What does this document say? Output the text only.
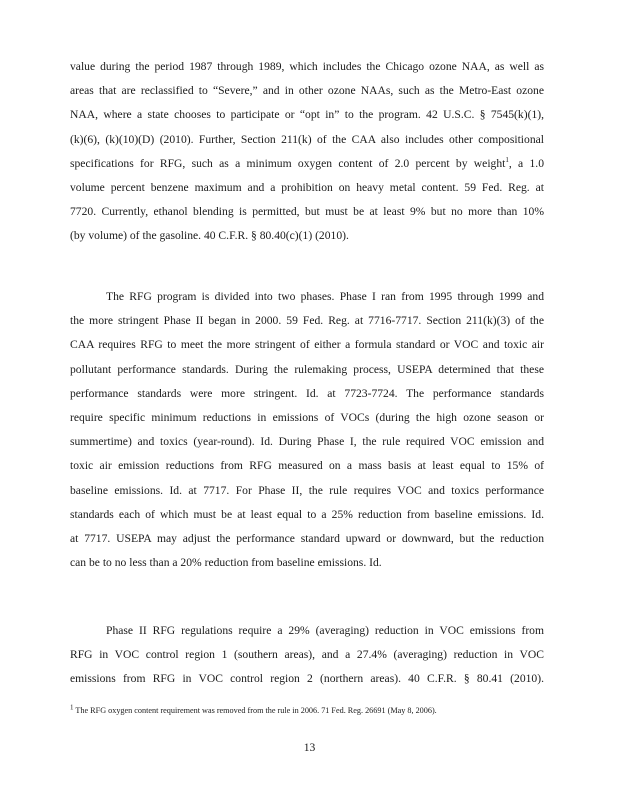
value during the period 1987 through 1989, which includes the Chicago ozone NAA, as well as
areas that are reclassified to “Severe,” and in other ozone NAAs, such as the Metro-East ozone
NAA, where a state chooses to participate or “opt in” to the program. 42 U.S.C. § 7545(k)(1),
(k)(6), (k)(10)(D) (2010). Further, Section 211(k) of the CAA also includes other compositional
specifications for RFG, such as a minimum oxygen content of 2.0 percent by weight$^1$, a 1.0
volume percent benzene maximum and a prohibition on heavy metal content. 59 Fed. Reg. at
7720. Currently, ethanol blending is permitted, but must be at least 9% but no more than 10%
(by volume) of the gasoline. 40 C.F.R. § 80.40(c)(1) (2010).
The RFG program is divided into two phases. Phase I ran from 1995 through 1999 and
the more stringent Phase II began in 2000. 59 Fed. Reg. at 7716-7717. Section 211(k)(3) of the
CAA requires RFG to meet the more stringent of either a formula standard or VOC and toxic air
pollutant performance standards. During the rulemaking process, USEPA determined that these
performance standards were more stringent. Id. at 7723-7724. The performance standards
require specific minimum reductions in emissions of VOCs (during the high ozone season or
summertime) and toxics (year-round). Id. During Phase I, the rule required VOC emission and
toxic air emission reductions from RFG measured on a mass basis at least equal to 15% of
baseline emissions. Id. at 7717. For Phase II, the rule requires VOC and toxics performance
standards each of which must be at least equal to a 25% reduction from baseline emissions. Id.
at 7717. USEPA may adjust the performance standard upward or downward, but the reduction
can be to no less than a 20% reduction from baseline emissions. Id.
Phase II RFG regulations require a 29% (averaging) reduction in VOC emissions from
RFG in VOC control region 1 (southern areas), and a 27.4% (averaging) reduction in VOC
emissions from RFG in VOC control region 2 (northern areas). 40 C.F.R. § 80.41 (2010).
$^1$ The RFG oxygen content requirement was removed from the rule in 2006. 71 Fed. Reg. 26691 (May 8, 2006).
13
